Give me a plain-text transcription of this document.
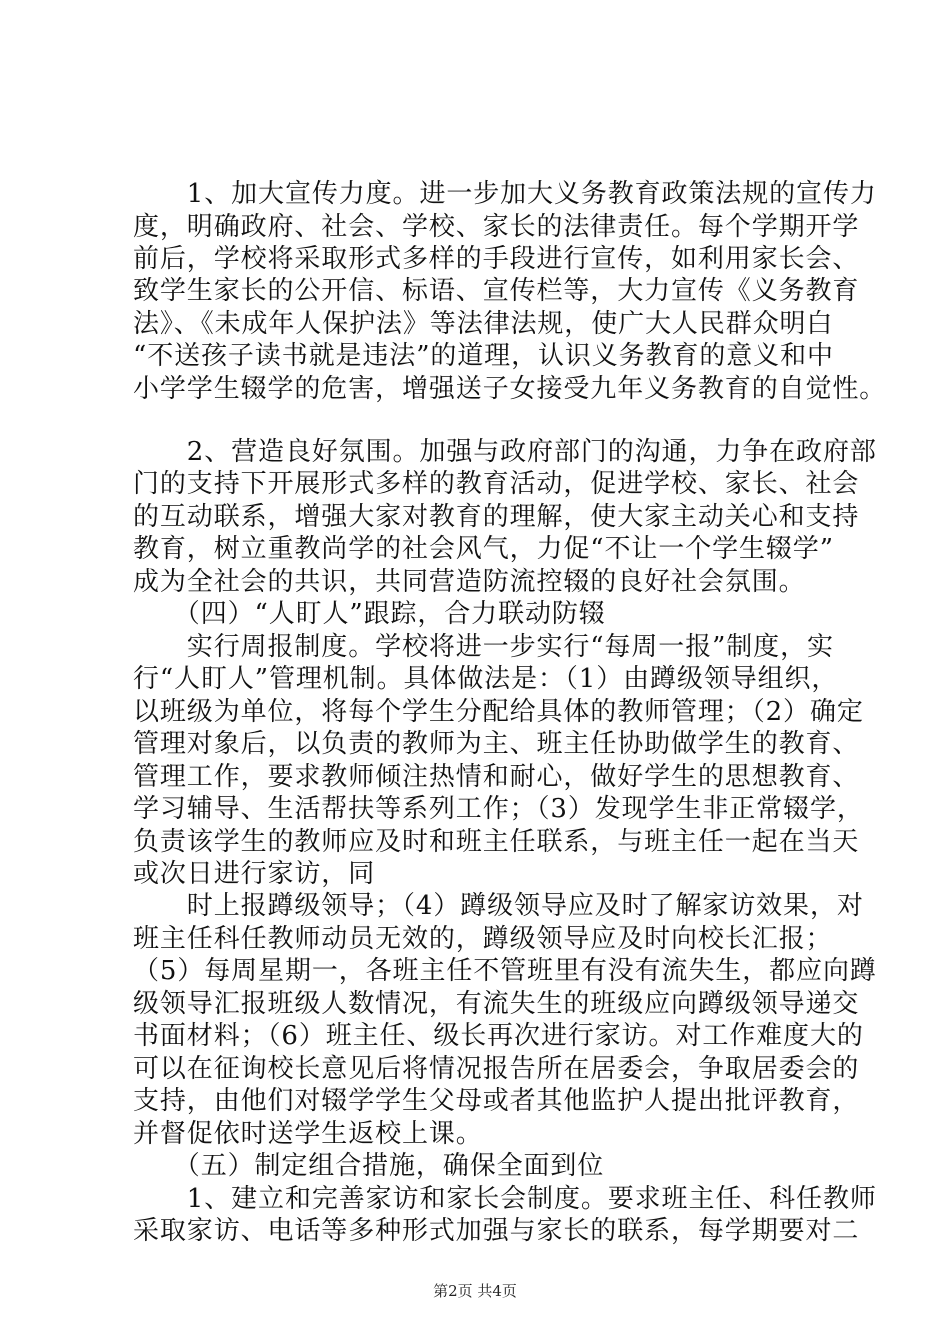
　　1、加大宣传力度。进一步加大义务教育政策法规的宣传力
度，明确政府、社会、学校、家长的法律责任。每个学期开学
前后，学校将采取形式多样的手段进行宣传，如利用家长会、
致学生家长的公开信、标语、宣传栏等，大力宣传《义务教育
法》、《未成年人保护法》等法律法规，使广大人民群众明白
“不送孩子读书就是违法”的道理，认识义务教育的意义和中
小学学生辍学的危害，增强送子女接受九年义务教育的自觉性。
　　2、营造良好氛围。加强与政府部门的沟通，力争在政府部
门的支持下开展形式多样的教育活动，促进学校、家长、社会
的互动联系，增强大家对教育的理解，使大家主动关心和支持
教育，树立重教尚学的社会风气，力促“不让一个学生辍学”
成为全社会的共识，共同营造防流控辍的良好社会氛围。
　　（四）“人盯人”跟踪，合力联动防辍
　　实行周报制度。学校将进一步实行“每周一报”制度，实
行“人盯人”管理机制。具体做法是：（1）由蹲级领导组织，
以班级为单位，将每个学生分配给具体的教师管理；（2）确定
管理对象后，以负责的教师为主、班主任协助做学生的教育、
管理工作，要求教师倾注热情和耐心，做好学生的思想教育、
学习辅导、生活帮扶等系列工作；（3）发现学生非正常辍学，
负责该学生的教师应及时和班主任联系，与班主任一起在当天
或次日进行家访，同
　　时上报蹲级领导；（4）蹲级领导应及时了解家访效果，对
班主任科任教师动员无效的，蹲级领导应及时向校长汇报；
（5）每周星期一，各班主任不管班里有没有流失生，都应向蹲
级领导汇报班级人数情况，有流失生的班级应向蹲级领导递交
书面材料；（6）班主任、级长再次进行家访。对工作难度大的
可以在征询校长意见后将情况报告所在居委会，争取居委会的
支持，由他们对辍学学生父母或者其他监护人提出批评教育，
并督促依时送学生返校上课。
　　（五）制定组合措施，确保全面到位
　　1、建立和完善家访和家长会制度。要求班主任、科任教师
采取家访、电话等多种形式加强与家长的联系，每学期要对二
第2页 共4页
